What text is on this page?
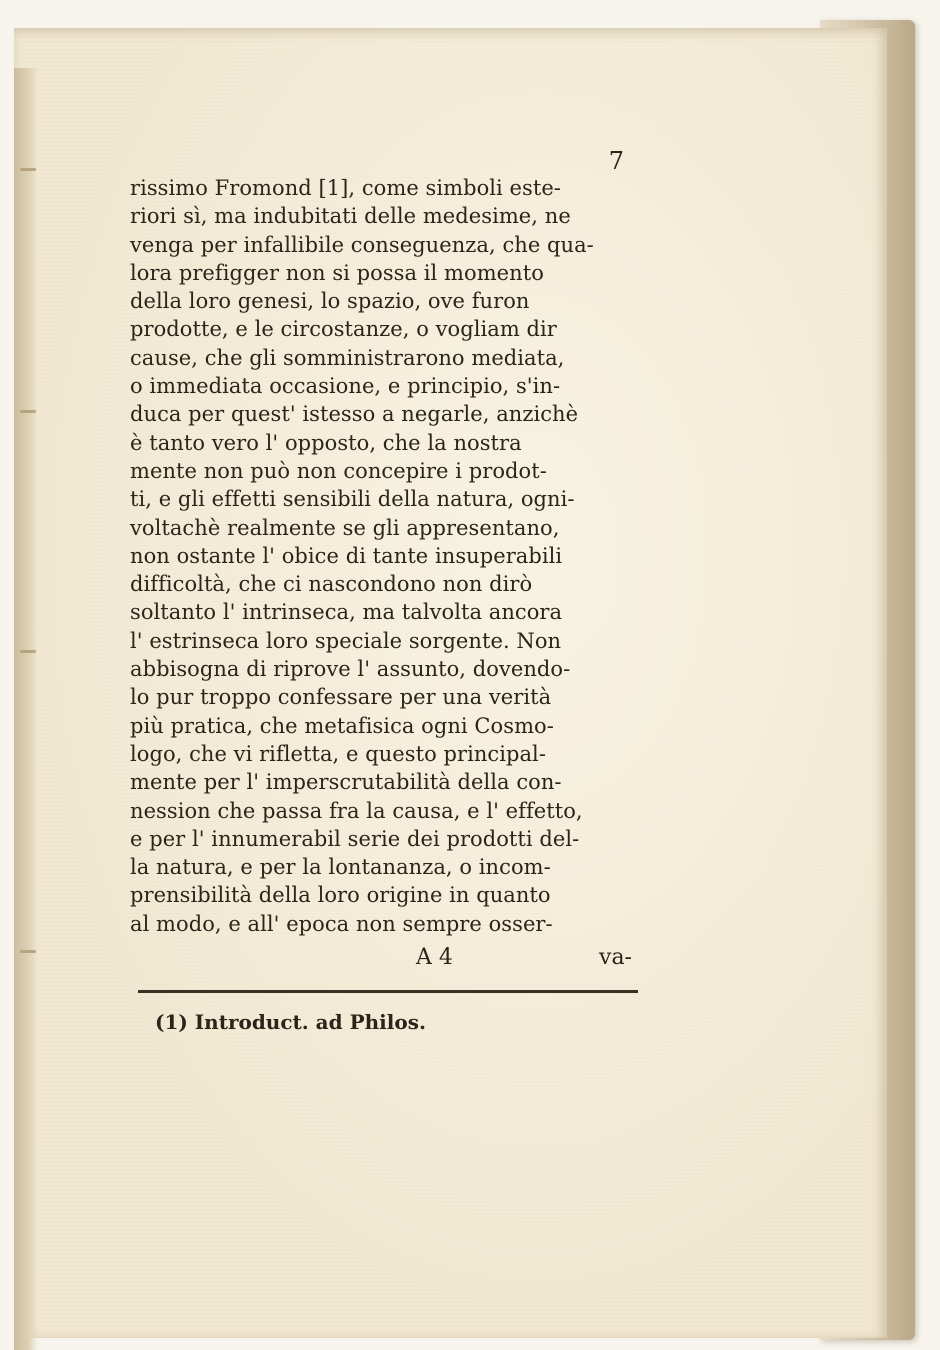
7
rissimo Fromond [1], come simboli este-
riori sì, ma indubitati delle medesime, ne
venga per infallibile conseguenza, che qua-
lora prefigger non si possa il momento
della loro genesi, lo spazio, ove furon
prodotte, e le circostanze, o vogliam dir
cause, che gli somministrarono mediata,
o immediata occasione, e principio, s'in-
duca per quest' istesso a negarle, anzichè
è tanto vero l' opposto, che la nostra
mente non può non concepire i prodot-
ti, e gli effetti sensibili della natura, ogni-
voltachè realmente se gli appresentano,
non ostante l' obice di tante insuperabili
difficoltà, che ci nascondono non dirò
soltanto l' intrinseca, ma talvolta ancora
l' estrinseca loro speciale sorgente. Non
abbisogna di riprove l' assunto, dovendo-
lo pur troppo confessare per una verità
più pratica, che metafisica ogni Cosmo-
logo, che vi rifletta, e questo principal-
mente per l' imperscrutabilità della con-
nession che passa fra la causa, e l' effetto,
e per l' innumerabil serie dei prodotti del-
la natura, e per la lontananza, o incom-
prensibilità della loro origine in quanto
al modo, e all' epoca non sempre osser-
A 4	va-
(1) Introduct. ad Philos.
